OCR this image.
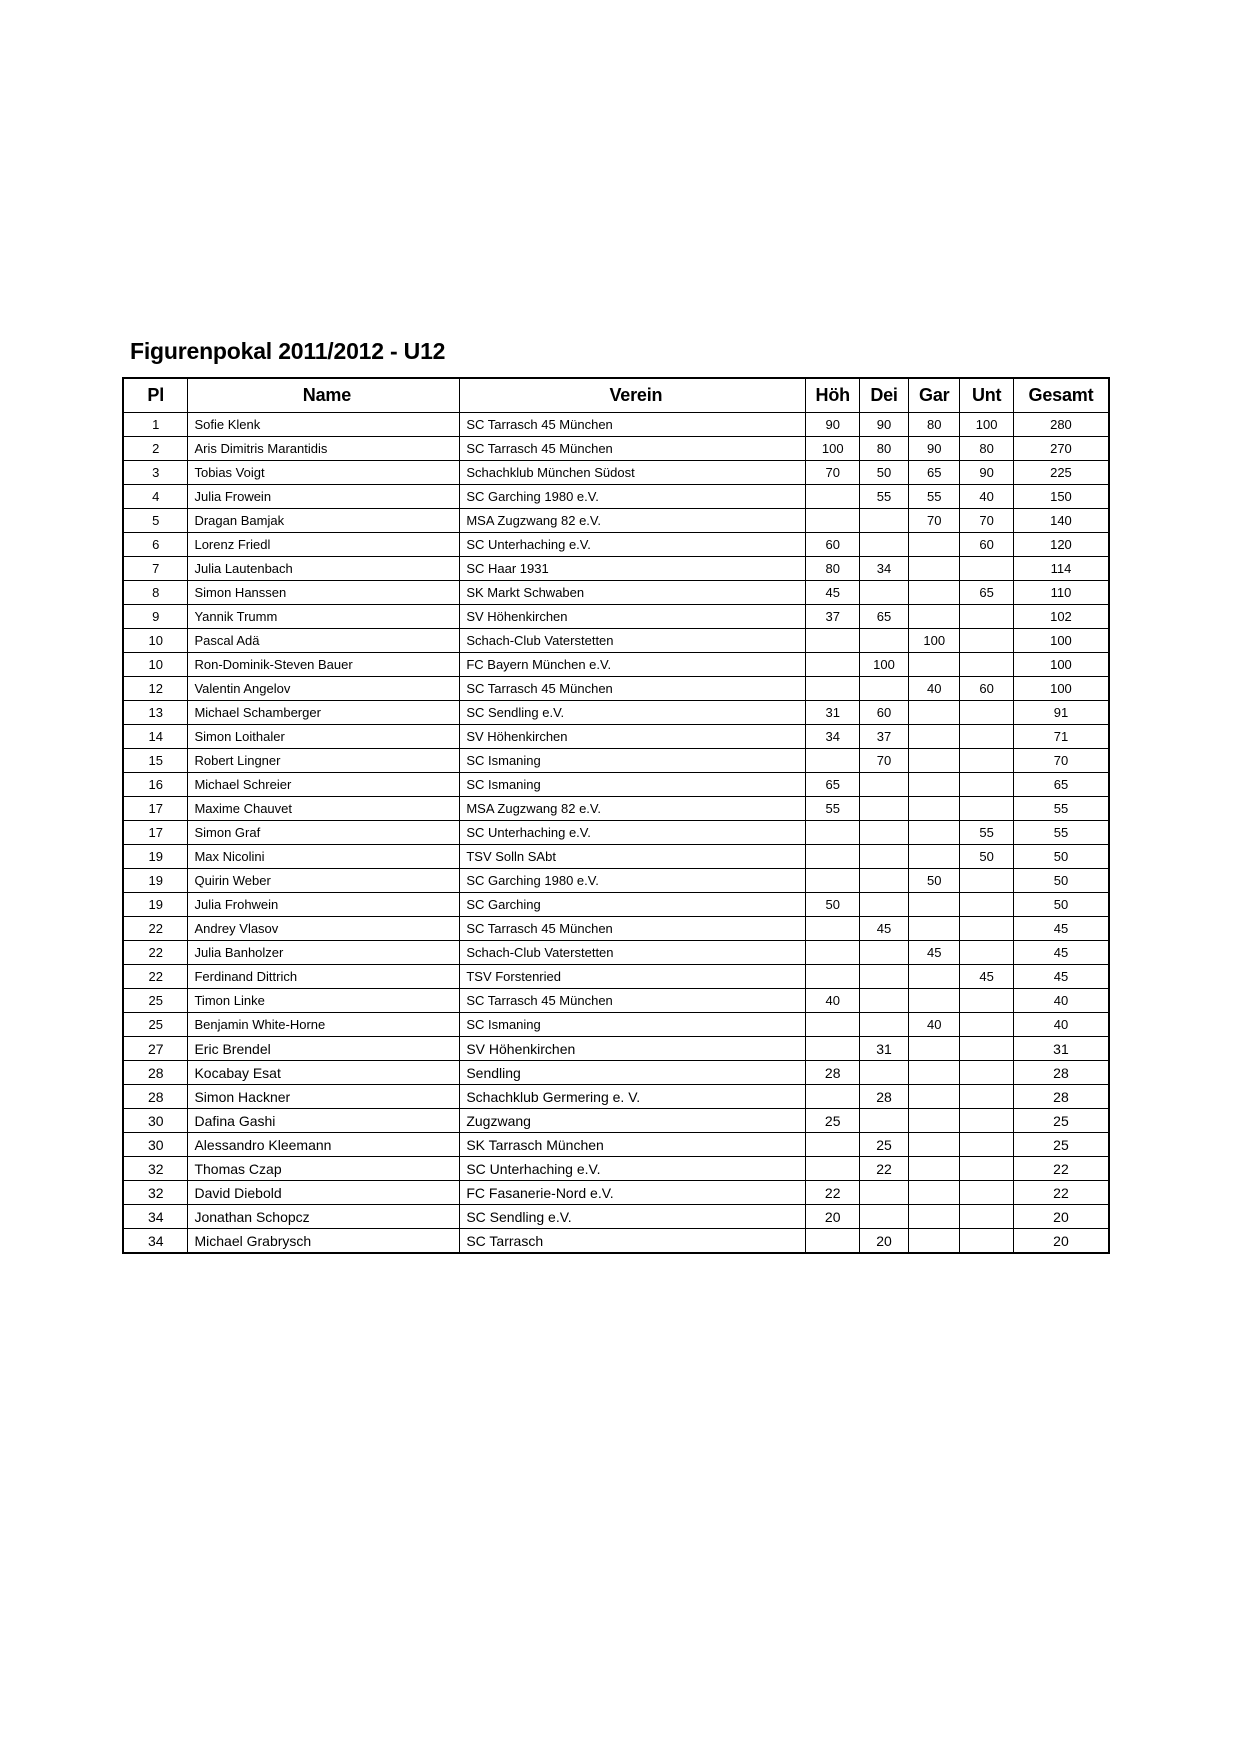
Figurenpokal 2011/2012 - U12
Pl	Name	Verein	Höh	Dei	Gar	Unt	Gesamt
1	Sofie Klenk	SC Tarrasch 45 München	90	90	80	100	280
2	Aris Dimitris Marantidis	SC Tarrasch 45 München	100	80	90	80	270
3	Tobias Voigt	Schachklub München Südost	70	50	65	90	225
4	Julia Frowein	SC Garching 1980 e.V.		55	55	40	150
5	Dragan Bamjak	MSA Zugzwang 82 e.V.			70	70	140
6	Lorenz Friedl	SC Unterhaching e.V.	60			60	120
7	Julia Lautenbach	SC Haar 1931	80	34			114
8	Simon Hanssen	SK Markt Schwaben	45			65	110
9	Yannik Trumm	SV Höhenkirchen	37	65			102
10	Pascal Adä	Schach-Club Vaterstetten			100		100
10	Ron-Dominik-Steven Bauer	FC Bayern München e.V.		100			100
12	Valentin Angelov	SC Tarrasch 45 München			40	60	100
13	Michael Schamberger	SC Sendling e.V.	31	60			91
14	Simon Loithaler	SV Höhenkirchen	34	37			71
15	Robert Lingner	SC Ismaning		70			70
16	Michael Schreier	SC Ismaning	65				65
17	Maxime Chauvet	MSA Zugzwang 82 e.V.	55				55
17	Simon Graf	SC Unterhaching e.V.				55	55
19	Max Nicolini	TSV Solln SAbt				50	50
19	Quirin Weber	SC Garching 1980 e.V.			50		50
19	Julia Frohwein	SC Garching	50				50
22	Andrey Vlasov	SC Tarrasch 45 München		45			45
22	Julia Banholzer	Schach-Club Vaterstetten			45		45
22	Ferdinand Dittrich	TSV Forstenried				45	45
25	Timon Linke	SC Tarrasch 45 München	40				40
25	Benjamin White-Horne	SC Ismaning			40		40
27	Eric Brendel	SV Höhenkirchen		31			31
28	Kocabay Esat	Sendling	28				28
28	Simon Hackner	Schachklub Germering e. V.		28			28
30	Dafina Gashi	Zugzwang	25				25
30	Alessandro Kleemann	SK Tarrasch München		25			25
32	Thomas Czap	SC Unterhaching e.V.		22			22
32	David Diebold	FC Fasanerie-Nord e.V.	22				22
34	Jonathan Schopcz	SC Sendling e.V.	20				20
34	Michael Grabrysch	SC Tarrasch		20			20
